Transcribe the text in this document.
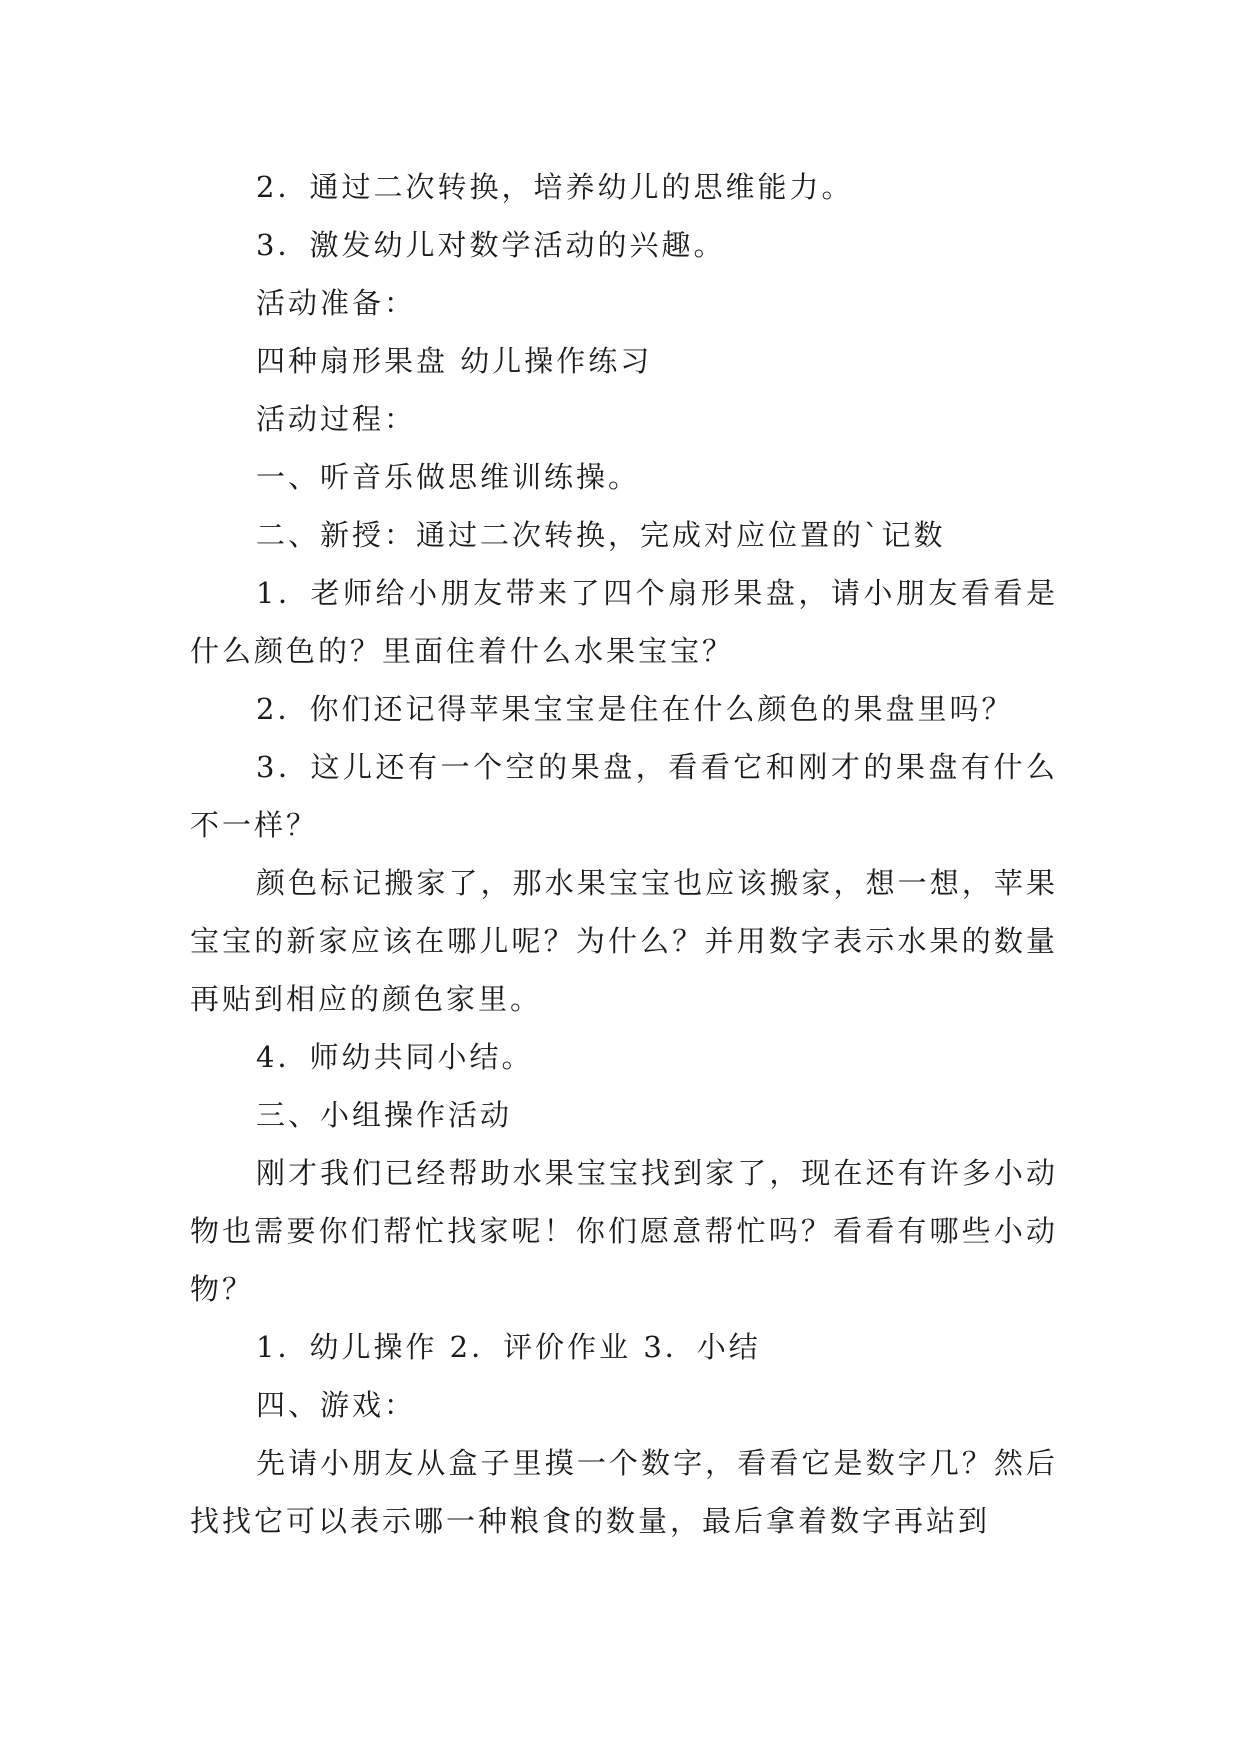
2．通过二次转换，培养幼儿的思维能力。

3．激发幼儿对数学活动的兴趣。

活动准备：

四种扇形果盘 幼儿操作练习

活动过程：

一、听音乐做思维训练操。

二、新授：通过二次转换，完成对应位置的`记数

1．老师给小朋友带来了四个扇形果盘，请小朋友看看是什么颜色的？里面住着什么水果宝宝？

2．你们还记得苹果宝宝是住在什么颜色的果盘里吗？

3．这儿还有一个空的果盘，看看它和刚才的果盘有什么不一样？

颜色标记搬家了，那水果宝宝也应该搬家，想一想，苹果宝宝的新家应该在哪儿呢？为什么？并用数字表示水果的数量再贴到相应的颜色家里。

4．师幼共同小结。

三、小组操作活动

刚才我们已经帮助水果宝宝找到家了，现在还有许多小动物也需要你们帮忙找家呢！你们愿意帮忙吗？看看有哪些小动物？

1．幼儿操作 2．评价作业 3．小结

四、游戏：

先请小朋友从盒子里摸一个数字，看看它是数字几？然后找找它可以表示哪一种粮食的数量，最后拿着数字再站到
